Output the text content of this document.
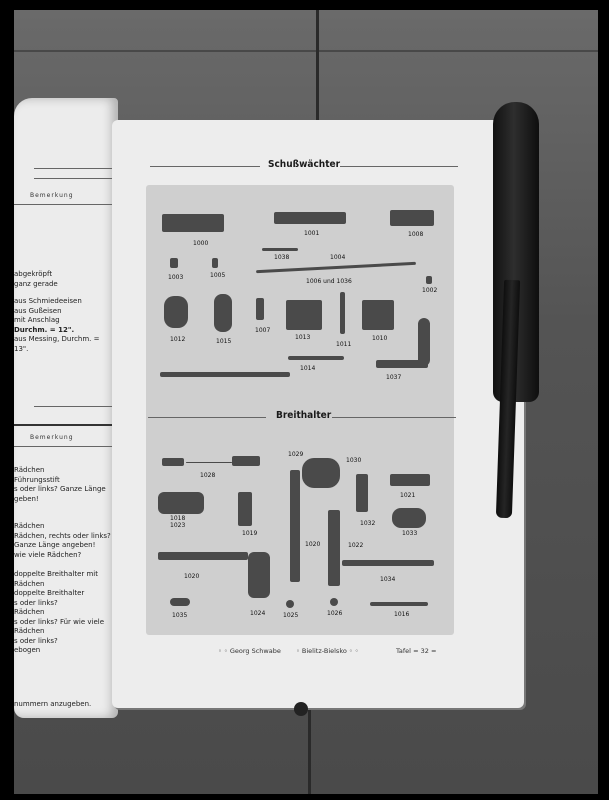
Bemerkung
abgekröpft
ganz gerade
aus Schmiedeeisen
aus Gußeisen
mit Anschlag
Durchm. = 12".
aus Messing, Durchm. = 13".
Bemerkung
Rädchen
Führungsstift
s oder links? Ganze Länge
geben!
Rädchen
Rädchen, rechts oder links?
Ganze Länge angeben!
wie viele Rädchen?
doppelte Breithalter mit Rädchen
doppelte Breithalter
s oder links?
Rädchen
s oder links? Für wie viele Rädchen
s oder links?
ebogen
nummern anzugeben.
Schußwächter
1000
1001	1008
1038	1004
1003	1005
1006 und 1036
1002
1012	1015
1007
1013
1011
1010
1014
1037
Breithalter
1029
1030
1028
1021
1018
1023
1019
1032
1033
1020	1022
1020	1034
1035	1024	1025	1026	1016
◦ ◦ Georg Schwabe ◦ Bielitz-Bielsko ◦ ◦	Tafel = 32 =
